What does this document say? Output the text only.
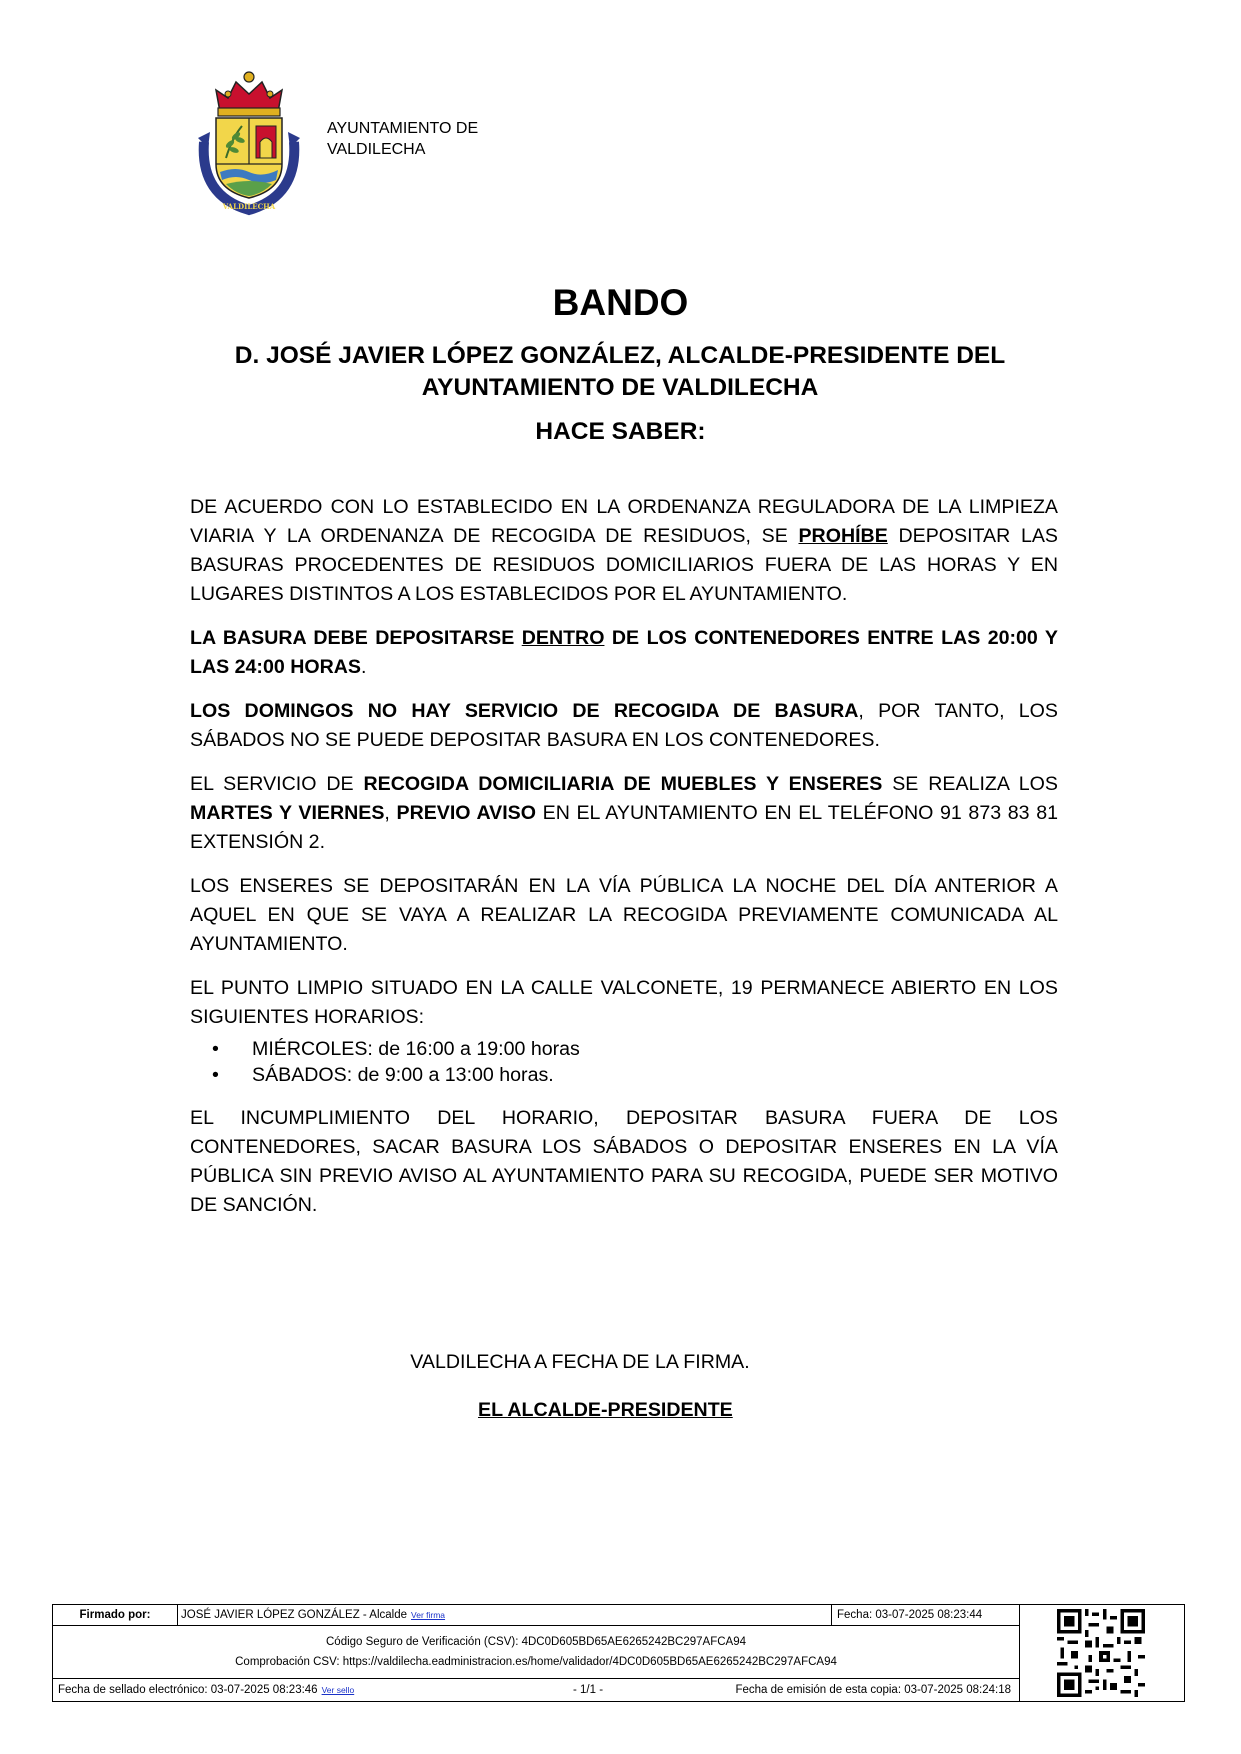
VALDILECHA
AYUNTAMIENTO DE
VALDILECHA
BANDO
D. JOSÉ JAVIER LÓPEZ GONZÁLEZ, ALCALDE-PRESIDENTE DEL AYUNTAMIENTO DE VALDILECHA
HACE SABER:

DE ACUERDO CON LO ESTABLECIDO EN LA ORDENANZA REGULADORA DE LA LIMPIEZA VIARIA Y LA ORDENANZA DE RECOGIDA DE RESIDUOS, SE PROHÍBE DEPOSITAR LAS BASURAS PROCEDENTES DE RESIDUOS DOMICILIARIOS FUERA DE LAS HORAS Y EN LUGARES DISTINTOS A LOS ESTABLECIDOS POR EL AYUNTAMIENTO.

LA BASURA DEBE DEPOSITARSE DENTRO DE LOS CONTENEDORES ENTRE LAS 20:00 Y LAS 24:00 HORAS.

LOS DOMINGOS NO HAY SERVICIO DE RECOGIDA DE BASURA, POR TANTO, LOS SÁBADOS NO SE PUEDE DEPOSITAR BASURA EN LOS CONTENEDORES.

EL SERVICIO DE RECOGIDA DOMICILIARIA DE MUEBLES Y ENSERES SE REALIZA LOS MARTES Y VIERNES, PREVIO AVISO EN EL AYUNTAMIENTO EN EL TELÉFONO 91 873 83 81 EXTENSIÓN 2.

LOS ENSERES SE DEPOSITARÁN EN LA VÍA PÚBLICA LA NOCHE DEL DÍA ANTERIOR A AQUEL EN QUE SE VAYA A REALIZAR LA RECOGIDA PREVIAMENTE COMUNICADA AL AYUNTAMIENTO.

EL PUNTO LIMPIO SITUADO EN LA CALLE VALCONETE, 19 PERMANECE ABIERTO EN LOS SIGUIENTES HORARIOS:

• MIÉRCOLES: de 16:00 a 19:00 horas
• SÁBADOS: de 9:00 a 13:00 horas.

EL INCUMPLIMIENTO DEL HORARIO, DEPOSITAR BASURA FUERA DE LOS CONTENEDORES, SACAR BASURA LOS SÁBADOS O DEPOSITAR ENSERES EN LA VÍA PÚBLICA SIN PREVIO AVISO AL AYUNTAMIENTO PARA SU RECOGIDA, PUEDE SER MOTIVO DE SANCIÓN.

VALDILECHA A FECHA DE LA FIRMA.
EL ALCALDE-PRESIDENTE
Firmado por:	JOSÉ JAVIER LÓPEZ GONZÁLEZ - Alcalde Ver firma	Fecha: 03-07-2025 08:23:44
Código Seguro de Verificación (CSV): 4DC0D605BD65AE6265242BC297AFCA94
Comprobación CSV: https://valdilecha.eadministracion.es/home/validador/4DC0D605BD65AE6265242BC297AFCA94
Fecha de sellado electrónico: 03-07-2025 08:23:46 Ver sello	- 1/1 -	Fecha de emisión de esta copia: 03-07-2025 08:24:18
